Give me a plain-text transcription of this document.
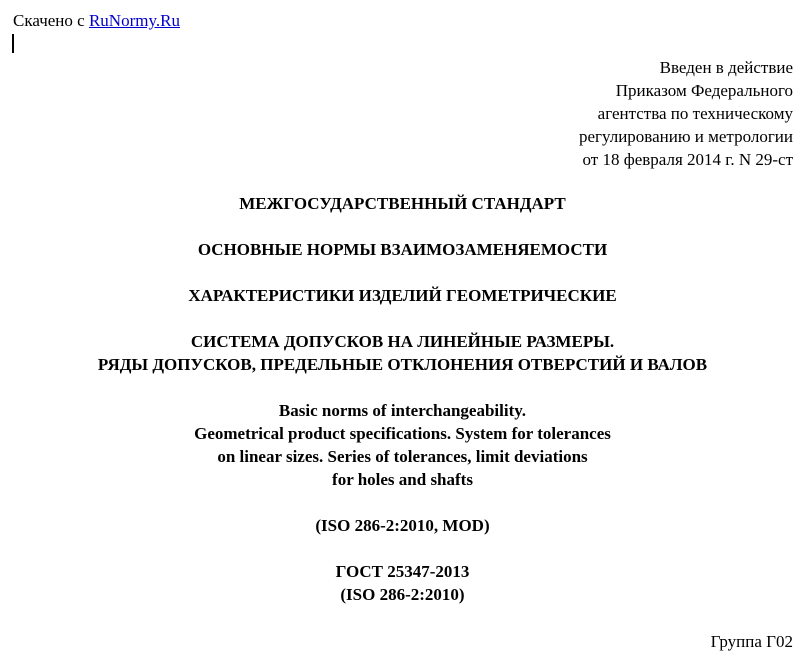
Скачено с RuNormy.Ru
Введен в действие
Приказом Федерального
агентства по техническому
регулированию и метрологии
от 18 февраля 2014 г. N 29-ст
МЕЖГОСУДАРСТВЕННЫЙ СТАНДАРТ
ОСНОВНЫЕ НОРМЫ ВЗАИМОЗАМЕНЯЕМОСТИ
ХАРАКТЕРИСТИКИ ИЗДЕЛИЙ ГЕОМЕТРИЧЕСКИЕ
СИСТЕМА ДОПУСКОВ НА ЛИНЕЙНЫЕ РАЗМЕРЫ.
РЯДЫ ДОПУСКОВ, ПРЕДЕЛЬНЫЕ ОТКЛОНЕНИЯ ОТВЕРСТИЙ И ВАЛОВ
Basic norms of interchangeability.
Geometrical product specifications. System for tolerances
on linear sizes. Series of tolerances, limit deviations
for holes and shafts
(ISO 286-2:2010, MOD)
ГОСТ 25347-2013
(ISO 286-2:2010)
Группа Г02
